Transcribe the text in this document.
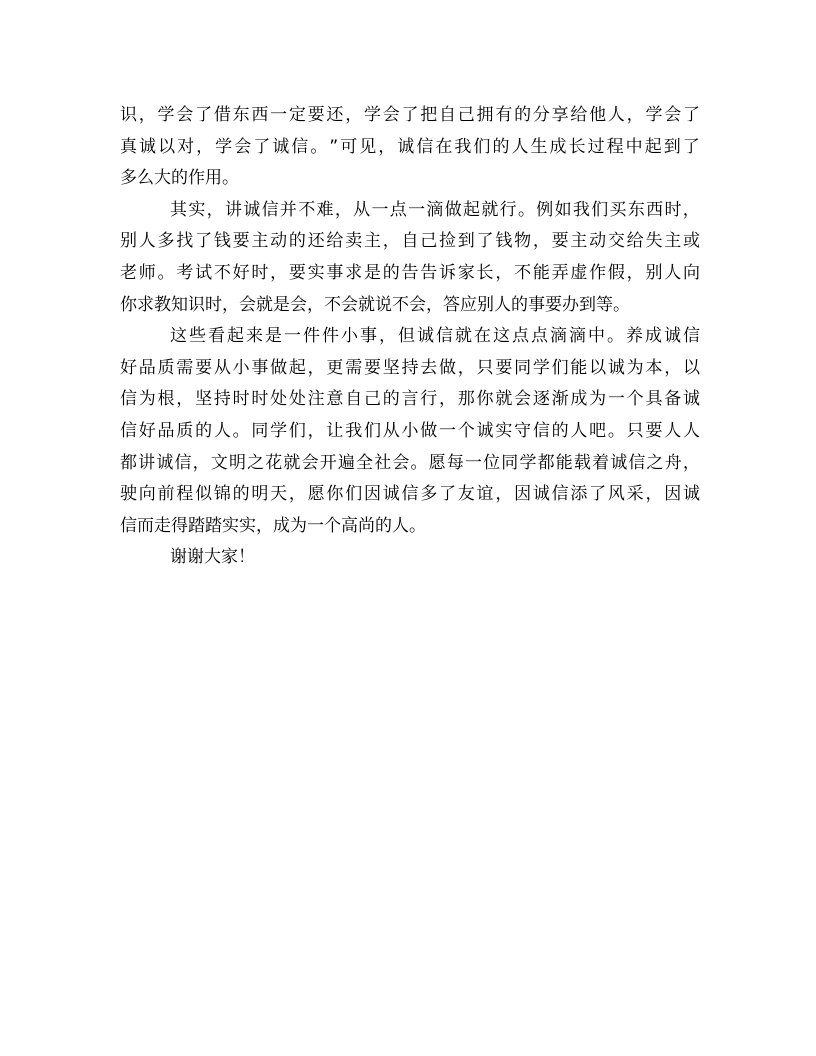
识 ， 学 会 了 借 东 西 一 定 要 还 ， 学 会 了 把 自 己 拥 有 的 分 享 给 他 人 ， 学 会 了
真 诚 以 对 ， 学 会 了 诚 信 。 ” 可 见 ， 诚 信 在 我 们 的 人 生 成 长 过 程 中 起 到 了
多么大的作用。
其 实 ， 讲 诚 信 并 不 难 ， 从 一 点 一 滴 做 起 就 行 。 例 如 我 们 买 东 西 时 ，
别 人 多 找 了 钱 要 主 动 的 还 给 卖 主 ， 自 己 捡 到 了 钱 物 ， 要 主 动 交 给 失 主 或
老 师 。 考 试 不 好 时 ， 要 实 事 求 是 的 告 告 诉 家 长 ， 不 能 弄 虚 作 假 ， 别 人 向
你求教知识时，会就是会，不会就说不会，答应别人的事要办到等。
这 些 看 起 来 是 一 件 件 小 事 ， 但 诚 信 就 在 这 点 点 滴 滴 中 。 养 成 诚 信
好 品 质 需 要 从 小 事 做 起 ， 更 需 要 坚 持 去 做 ， 只 要 同 学 们 能 以 诚 为 本 ， 以
信 为 根 ， 坚 持 时 时 处 处 注 意 自 己 的 言 行 ， 那 你 就 会 逐 渐 成 为 一 个 具 备 诚
信 好 品 质 的 人 。 同 学 们 ， 让 我 们 从 小 做 一 个 诚 实 守 信 的 人 吧 。 只 要 人 人
都 讲 诚 信 ， 文 明 之 花 就 会 开 遍 全 社 会 。 愿 每 一 位 同 学 都 能 载 着 诚 信 之 舟 ，
驶 向 前 程 似 锦 的 明 天 ， 愿 你 们 因 诚 信 多 了 友 谊 ， 因 诚 信 添 了 风 采 ， 因 诚
信而走得踏踏实实，成为一个高尚的人。
谢谢大家！
